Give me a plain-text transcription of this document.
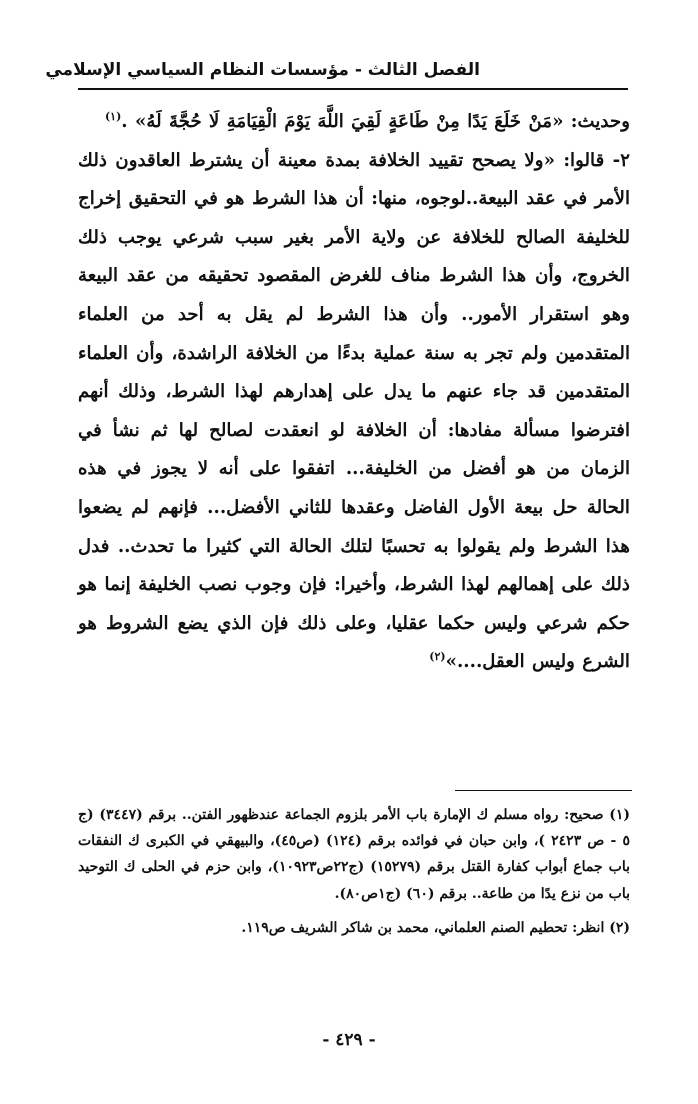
الفصل الثالث - مؤسسات النظام السياسي الإسلامي

وحديث: «مَنْ خَلَعَ يَدًا مِنْ طَاعَةٍ لَقِيَ اللَّهَ يَوْمَ الْقِيَامَةِ لَا حُجَّةَ لَهُ» .$^{(١)}$

٢- قالوا: «ولا يصحح تقييد الخلافة بمدة معينة أن يشترط العاقدون ذلك الأمر في عقد البيعة..لوجوه، منها: أن هذا الشرط هو في التحقيق إخراج للخليفة الصالح للخلافة عن ولاية الأمر بغير سبب شرعي يوجب ذلك الخروج، وأن هذا الشرط مناف للغرض المقصود تحقيقه من عقد البيعة وهو استقرار الأمور.. وأن هذا الشرط لم يقل به أحد من العلماء المتقدمين ولم تجر به سنة عملية بدءًا من الخلافة الراشدة، وأن العلماء المتقدمين قد جاء عنهم ما يدل على إهدارهم لهذا الشرط، وذلك أنهم افترضوا مسألة مفادها: أن الخلافة لو انعقدت لصالح لها ثم نشأ في الزمان من هو أفضل من الخليفة... اتفقوا على أنه لا يجوز في هذه الحالة حل بيعة الأول الفاضل وعقدها للثاني الأفضل... فإنهم لم يضعوا هذا الشرط ولم يقولوا به تحسبًا لتلك الحالة التي كثيرا ما تحدث.. فدل ذلك على إهمالهم لهذا الشرط، وأخيرا: فإن وجوب نصب الخليفة إنما هو حكم شرعي وليس حكما عقليا، وعلى ذلك فإن الذي يضع الشروط هو الشرع وليس العقل....»$^{(٢)}$

(١) صحيح: رواه مسلم ك الإمارة باب الأمر بلزوم الجماعة عندظهور الفتن.. برقم (٣٤٤٧) (ج ٥ - ص ٢٤٢٣ )، وابن حبان في فوائده برقم (١٢٤) (ص٤٥)، والبيهقي في الكبرى ك النفقات باب جماع أبواب كفارة القتل برقم (١٥٢٧٩) (ج٢٢ص١٠٩٢٣)، وابن حزم في الحلى ك التوحيد باب من نزع يدًا من طاعة.. برقم (٦٠) (ج١ص٨٠).

(٢) انظر: تحطيم الصنم العلماني، محمد بن شاكر الشريف ص١١٩.

- ٤٢٩ -
